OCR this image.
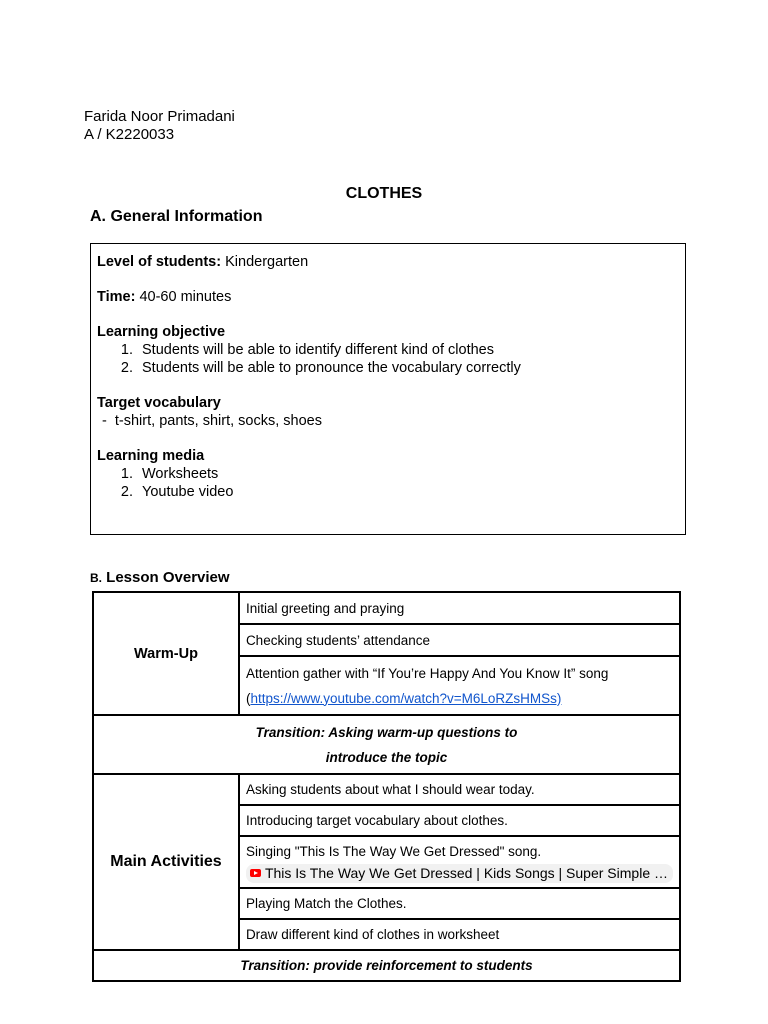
Farida Noor Primadani
A / K2220033
CLOTHES
A. General Information

Level of students: Kindergarten

Time: 40-60 minutes

Learning objective

1. Students will be able to identify different kind of clothes
2. Students will be able to pronounce the vocabulary correctly

Target vocabulary

-  t-shirt, pants, shirt, socks, shoes

Learning media

1. Worksheets
2. Youtube video
B. Lesson Overview
Warm-Up	Initial greeting and praying
	Checking students’ attendance
	Attention gather with “If You’re Happy And You Know It” song
(https://www.youtube.com/watch?v=M6LoRZsHMSs)
Transition: Asking warm-up questions to
introduce the topic	
Main Activities	Asking students about what I should wear today.
	Introducing target vocabulary about clothes.

	Singing "This Is The Way We Get Dressed" song.
This Is The Way We Get Dressed | Kids Songs | Super Simple …
	Playing Match the Clothes.
	Draw different kind of clothes in worksheet
Transition: provide reinforcement to students	
